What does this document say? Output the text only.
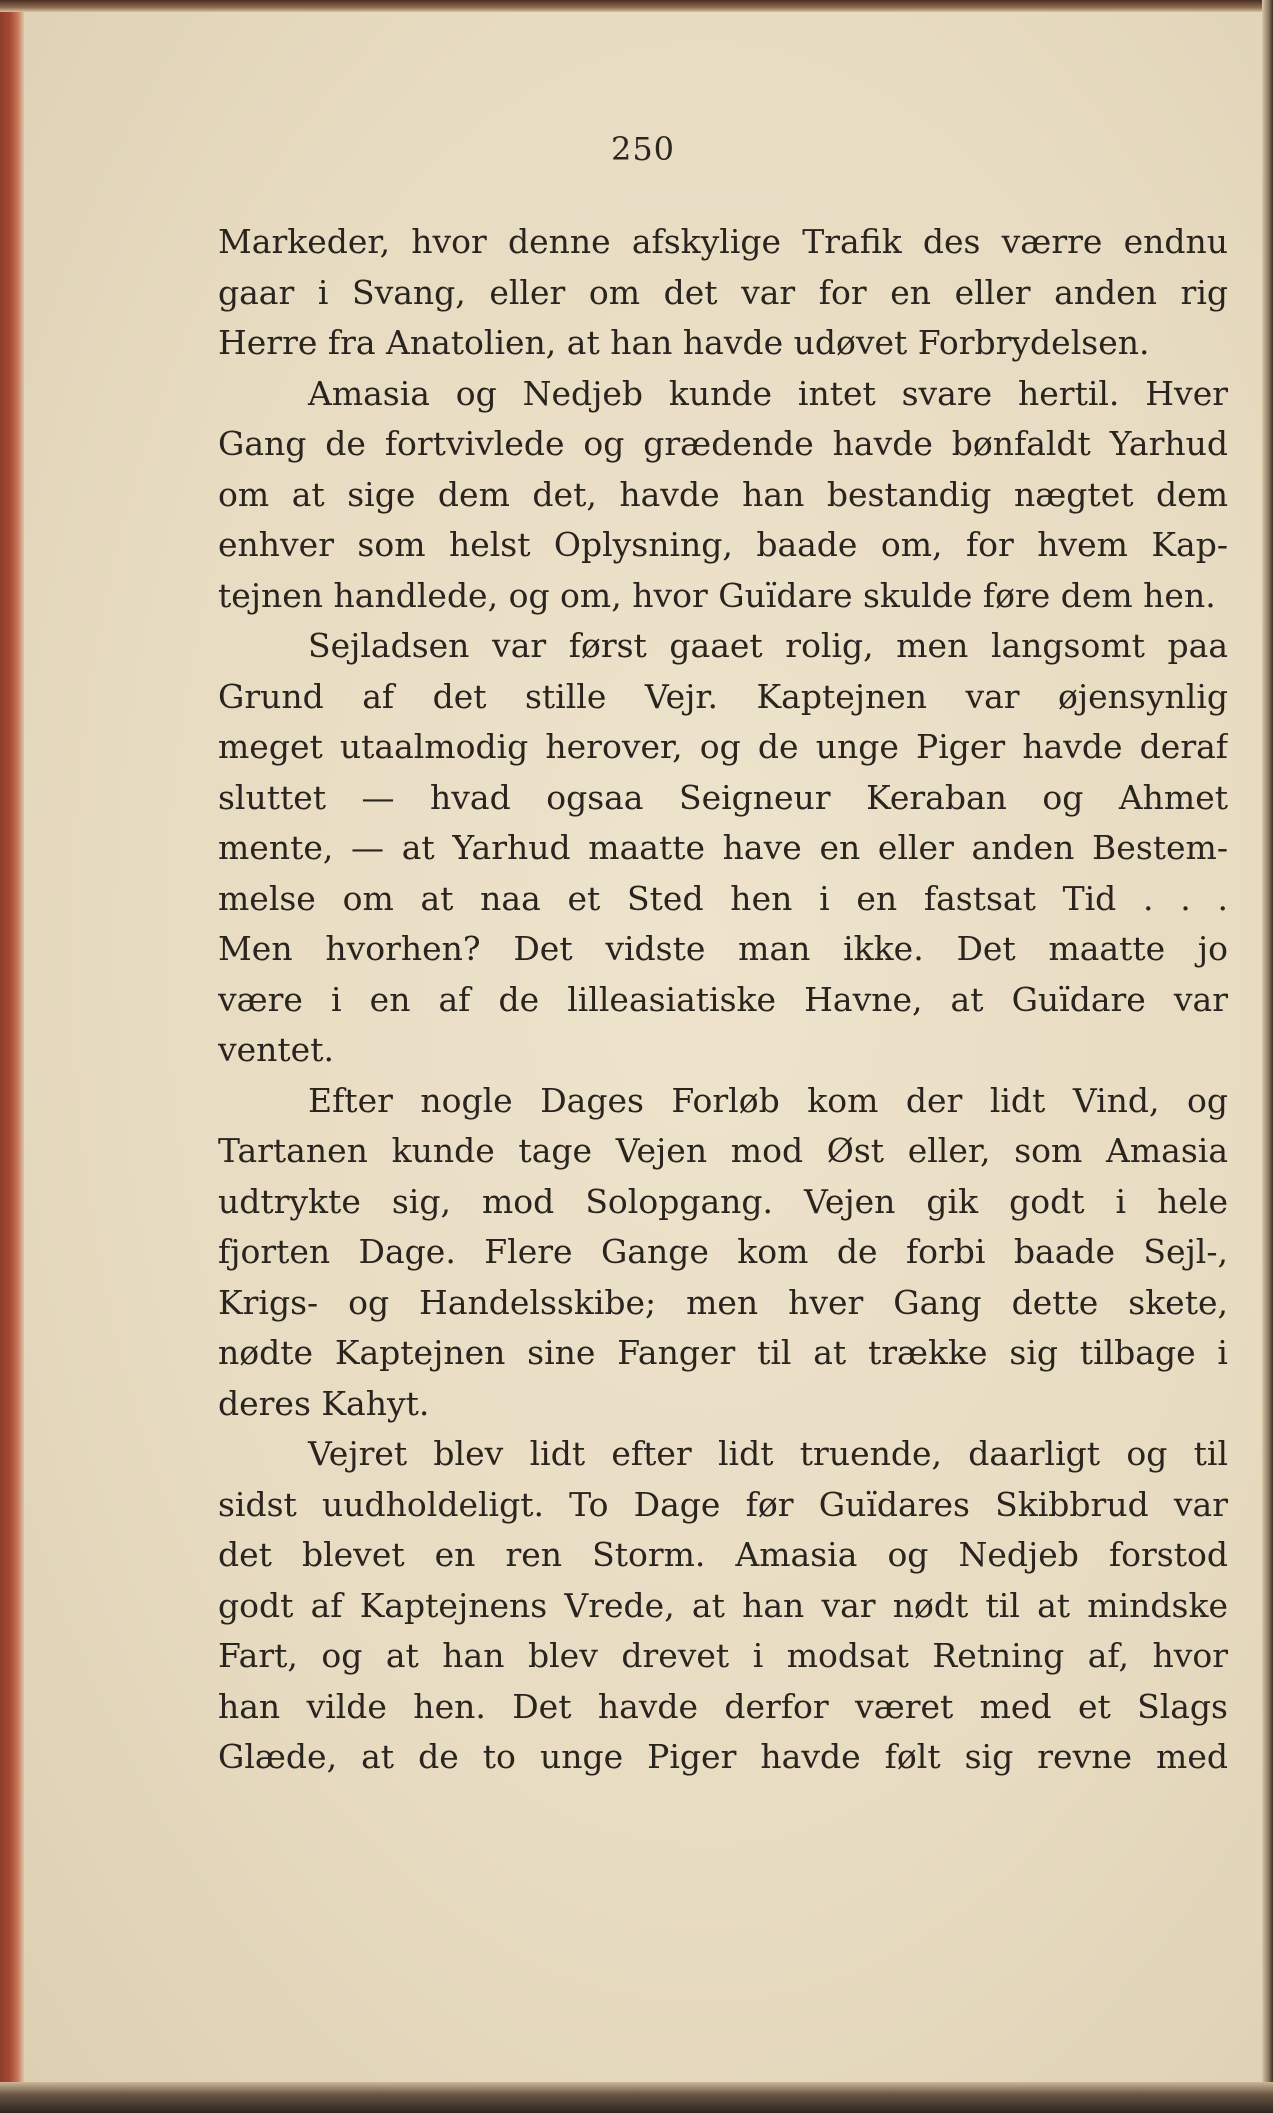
250
Markeder, hvor denne afskylige Trafik des værre endnu
gaar i Svang, eller om det var for en eller anden rig
Herre fra Anatolien, at han havde udøvet Forbrydelsen.
Amasia og Nedjeb kunde intet svare hertil. Hver
Gang de fortvivlede og grædende havde bønfaldt Yarhud
om at sige dem det, havde han bestandig nægtet dem
enhver som helst Oplysning, baade om, for hvem Kap-
tejnen handlede, og om, hvor Guïdare skulde føre dem hen.
Sejladsen var først gaaet rolig, men langsomt paa
Grund af det stille Vejr. Kaptejnen var øjensynlig
meget utaalmodig herover, og de unge Piger havde deraf
sluttet — hvad ogsaa Seigneur Keraban og Ahmet
mente, — at Yarhud maatte have en eller anden Bestem-
melse om at naa et Sted hen i en fastsat Tid . . .
Men hvorhen? Det vidste man ikke. Det maatte jo
være i en af de lilleasiatiske Havne, at Guïdare var
ventet.
Efter nogle Dages Forløb kom der lidt Vind, og
Tartanen kunde tage Vejen mod Øst eller, som Amasia
udtrykte sig, mod Solopgang. Vejen gik godt i hele
fjorten Dage. Flere Gange kom de forbi baade Sejl-,
Krigs- og Handelsskibe; men hver Gang dette skete,
nødte Kaptejnen sine Fanger til at trække sig tilbage i
deres Kahyt.
Vejret blev lidt efter lidt truende, daarligt og til
sidst uudholdeligt. To Dage før Guïdares Skibbrud var
det blevet en ren Storm. Amasia og Nedjeb forstod
godt af Kaptejnens Vrede, at han var nødt til at mindske
Fart, og at han blev drevet i modsat Retning af, hvor
han vilde hen. Det havde derfor været med et Slags
Glæde, at de to unge Piger havde følt sig revne med
